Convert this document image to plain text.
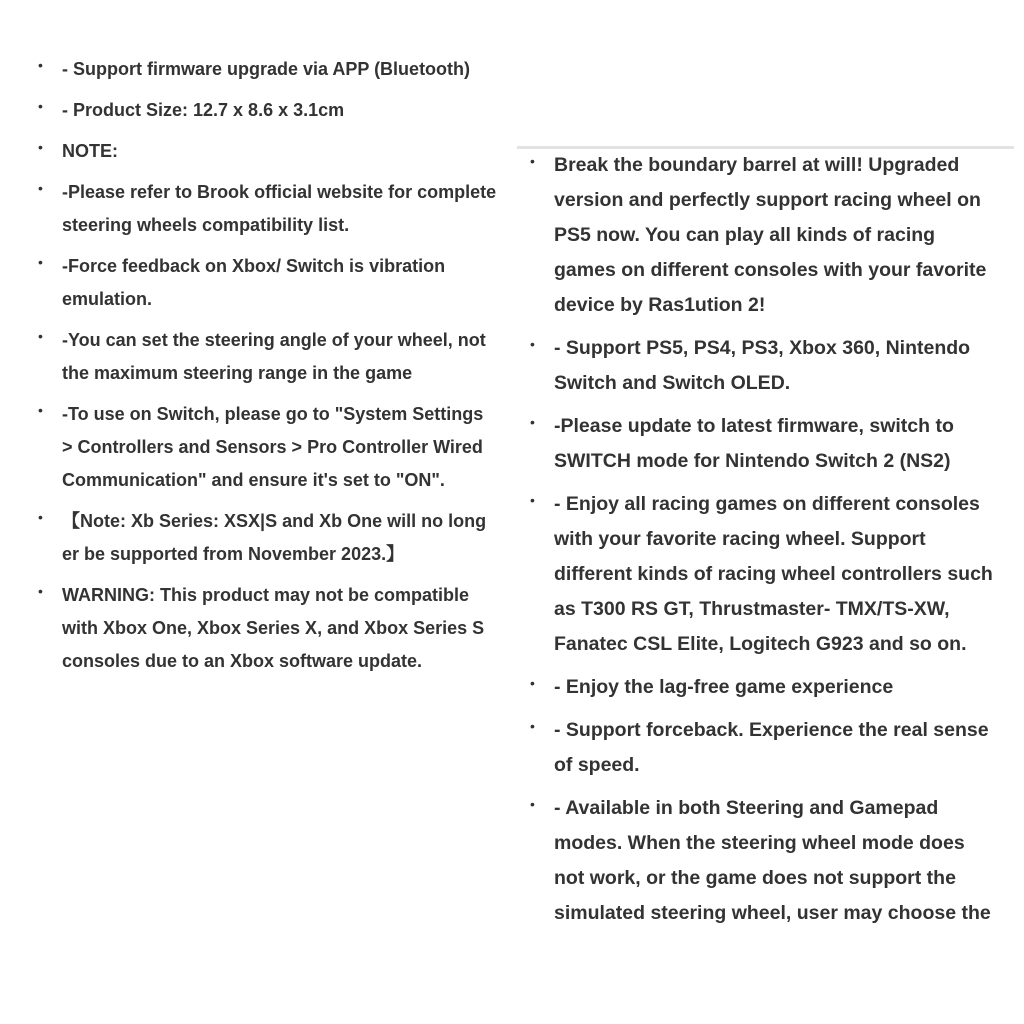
• - Support firmware upgrade via APP (Bluetooth)
• - Product Size: 12.7 x 8.6 x 3.1cm
• NOTE:
• -Please refer to Brook official website for complete steering wheels compatibility list.
• -Force feedback on Xbox/ Switch is vibration emulation.
• -You can set the steering angle of your wheel, not the maximum steering range in the game
• -To use on Switch, please go to "System Settings > Controllers and Sensors > Pro Controller Wired Communication" and ensure it's set to "ON".
• 【Note: Xb Series: XSX|S and Xb One will no long er be supported from November 2023.】
• WARNING: This product may not be compatible with Xbox One, Xbox Series X, and Xbox Series S consoles due to an Xbox software update.
• Break the boundary barrel at will! Upgraded version and perfectly support racing wheel on PS5 now. You can play all kinds of racing games on different consoles with your favorite device by Ras1ution 2!
• - Support PS5, PS4, PS3, Xbox 360, Nintendo Switch and Switch OLED.
• -Please update to latest firmware, switch to SWITCH mode for Nintendo Switch 2 (NS2)
• - Enjoy all racing games on different consoles with your favorite racing wheel. Support different kinds of racing wheel controllers such as T300 RS GT, Thrustmaster- TMX/TS-XW, Fanatec CSL Elite, Logitech G923 and so on.
• - Enjoy the lag-free game experience
• - Support forceback. Experience the real sense of speed.
• - Available in both Steering and Gamepad modes. When the steering wheel mode does not work, or the game does not support the simulated steering wheel, user may choose the
